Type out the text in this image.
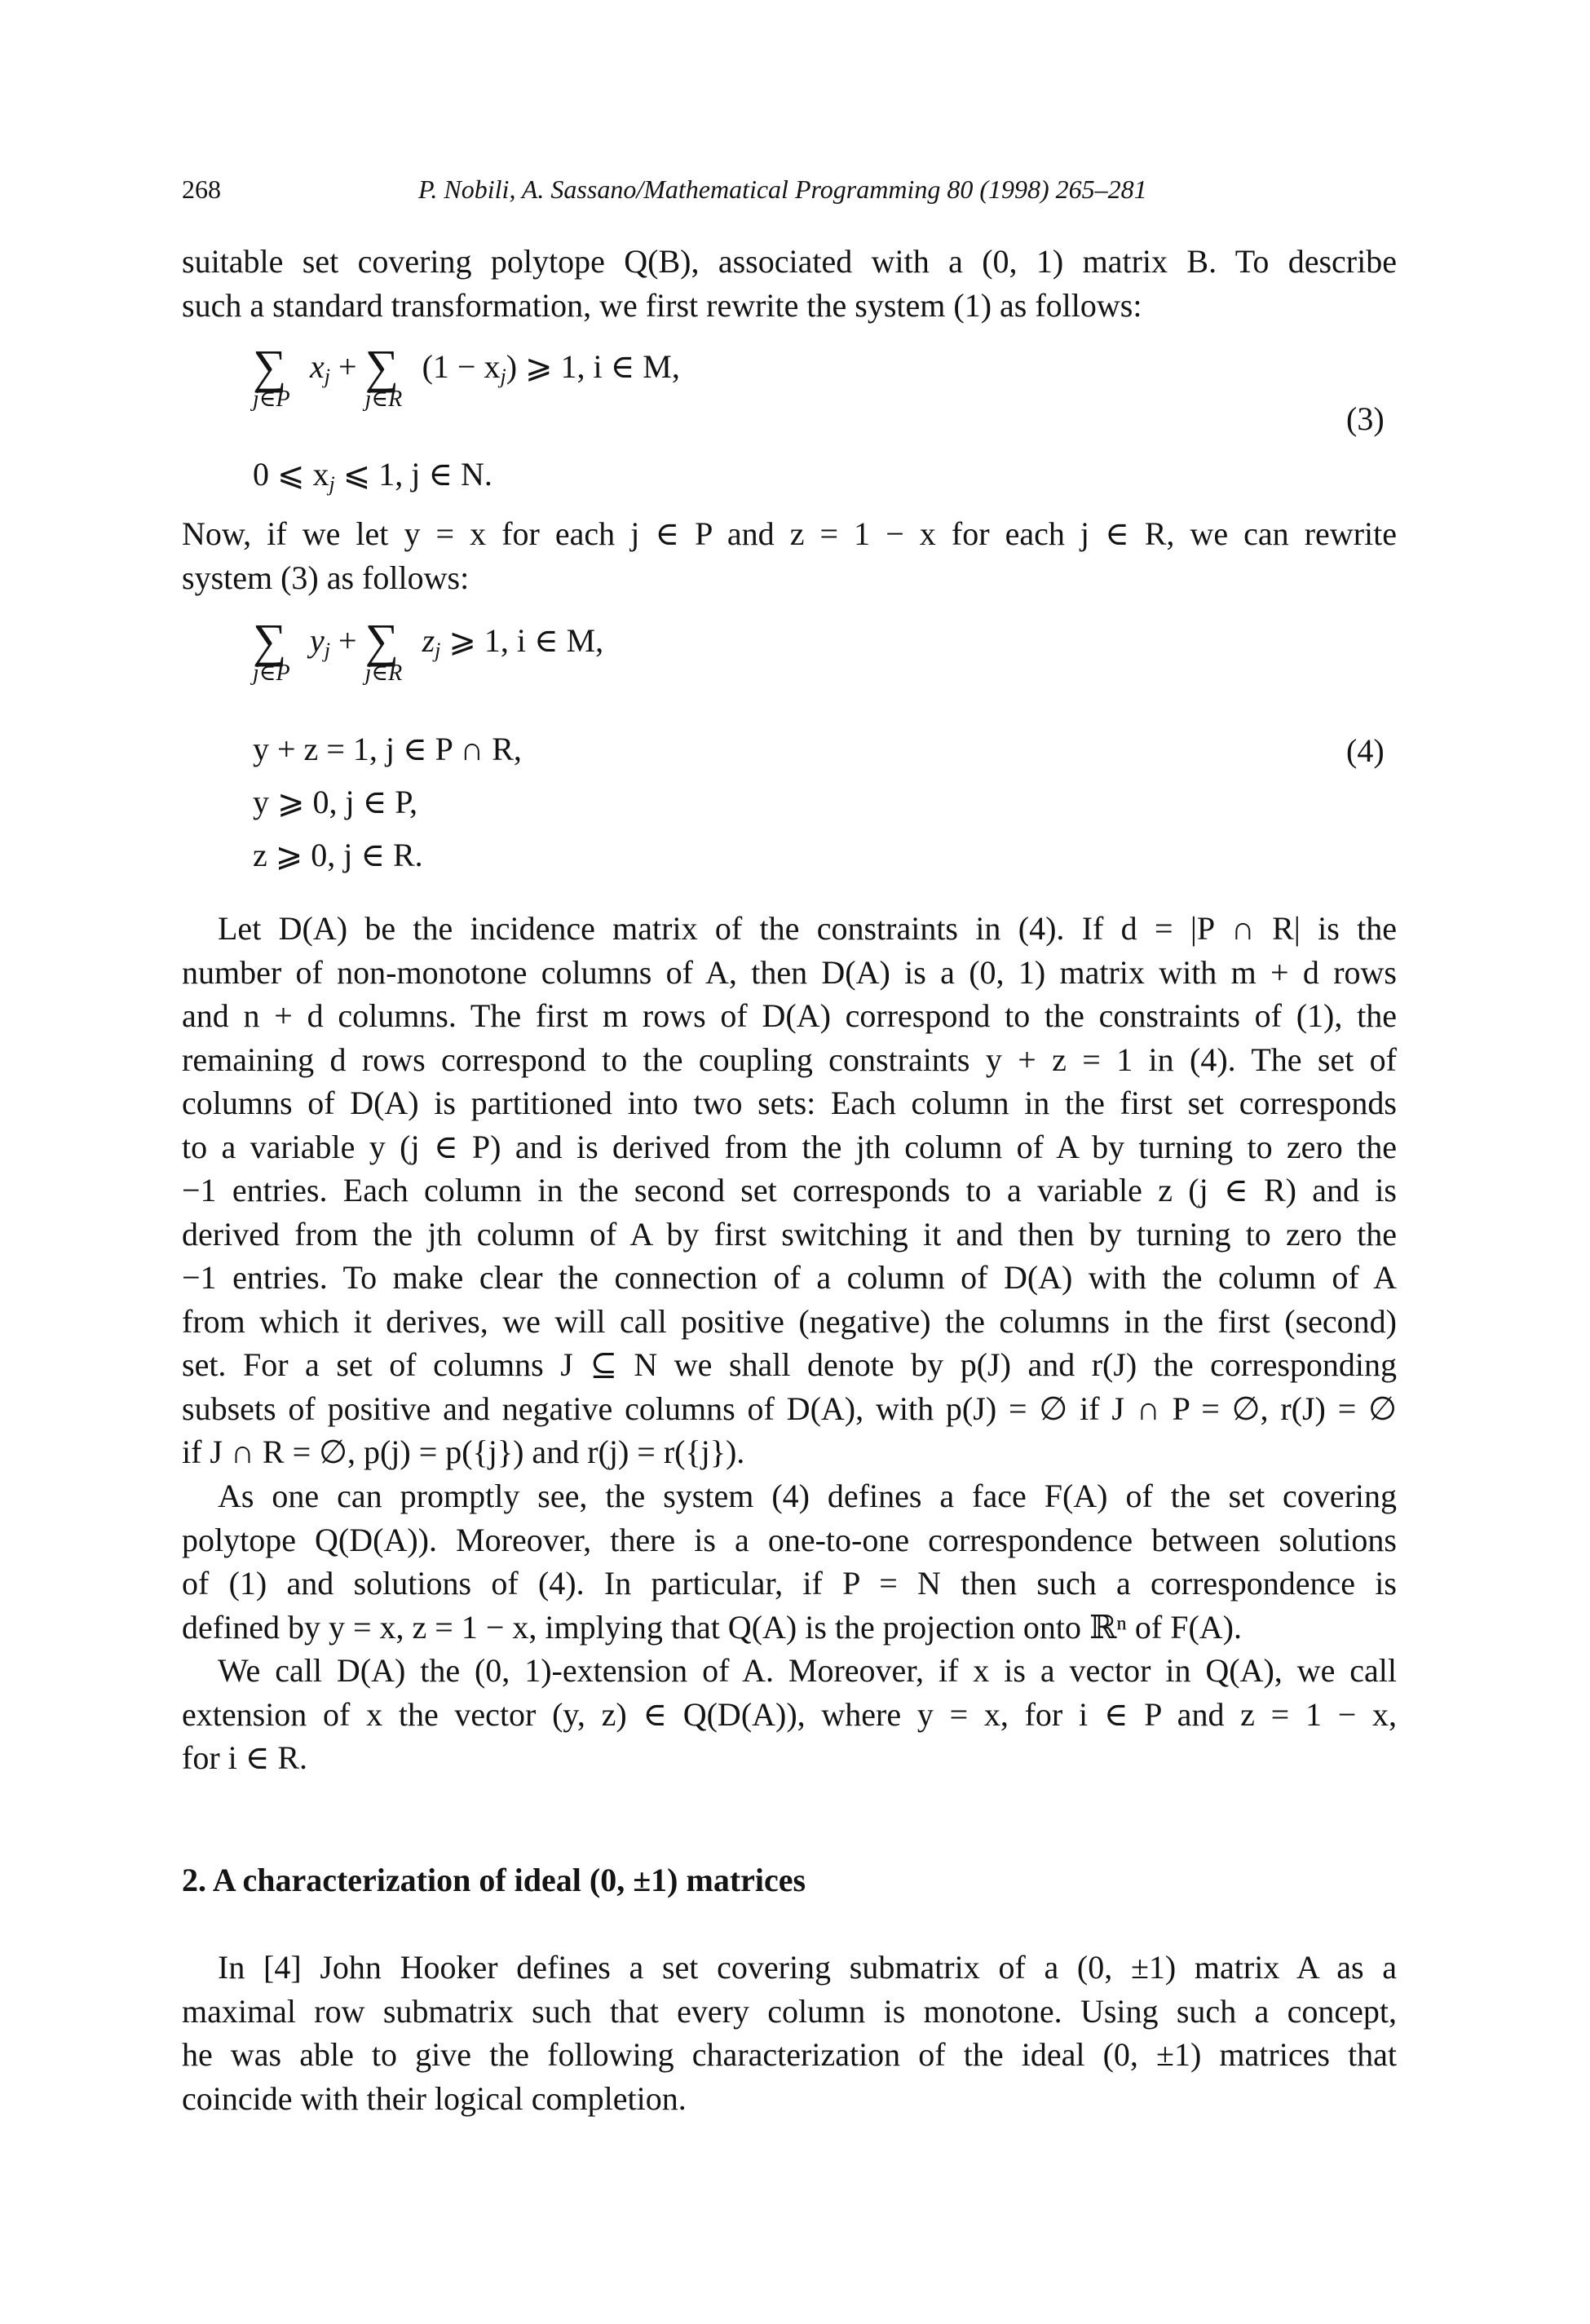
268	P. Nobili, A. Sassano/Mathematical Programming 80 (1998) 265–281
suitable set covering polytope Q(B), associated with a (0, 1) matrix B. To describe
such a standard transformation, we first rewrite the system (1) as follows:
∑
j∈P
$x_j$ + ∑
j∈R
$(1 - x_j)$ ⩾ 1, i ∈ M,
0 ⩽ $x_j$ ⩽ 1, j ∈ N.
(3)
Now, if we let y = x for each j ∈ P and z = 1 − x for each j ∈ R, we can rewrite
system (3) as follows:
∑
j∈P
$y_j$ + ∑
j∈R
$z_j$ ⩾ 1, i ∈ M,
y + z = 1, j ∈ P ∩ R,
y ⩾ 0, j ∈ P,
z ⩾ 0, j ∈ R.
(4)
Let D(A) be the incidence matrix of the constraints in (4). If d = |P ∩ R| is the
number of non-monotone columns of A, then D(A) is a (0, 1) matrix with m + d rows
and n + d columns. The first m rows of D(A) correspond to the constraints of (1), the
remaining d rows correspond to the coupling constraints y + z = 1 in (4). The set of
columns of D(A) is partitioned into two sets: Each column in the first set corresponds
to a variable y (j ∈ P) and is derived from the jth column of A by turning to zero the
−1 entries. Each column in the second set corresponds to a variable z (j ∈ R) and is
derived from the jth column of A by first switching it and then by turning to zero the
−1 entries. To make clear the connection of a column of D(A) with the column of A
from which it derives, we will call positive (negative) the columns in the first (second)
set. For a set of columns J ⊆ N we shall denote by p(J) and r(J) the corresponding
subsets of positive and negative columns of D(A), with p(J) = ∅ if J ∩ P = ∅, r(J) = ∅
if J ∩ R = ∅, p(j) = p({j}) and r(j) = r({j}).
As one can promptly see, the system (4) defines a face F(A) of the set covering
polytope Q(D(A)). Moreover, there is a one-to-one correspondence between solutions
of (1) and solutions of (4). In particular, if P = N then such a correspondence is
defined by y = x, z = 1 − x, implying that Q(A) is the projection onto ℝⁿ of F(A).
We call D(A) the (0, 1)-extension of A. Moreover, if x is a vector in Q(A), we call
extension of x the vector (y, z) ∈ Q(D(A)), where y = x, for i ∈ P and z = 1 − x,
for i ∈ R.
2. A characterization of ideal (0, ±1) matrices
In [4] John Hooker defines a set covering submatrix of a (0, ±1) matrix A as a
maximal row submatrix such that every column is monotone. Using such a concept,
he was able to give the following characterization of the ideal (0, ±1) matrices that
coincide with their logical completion.
